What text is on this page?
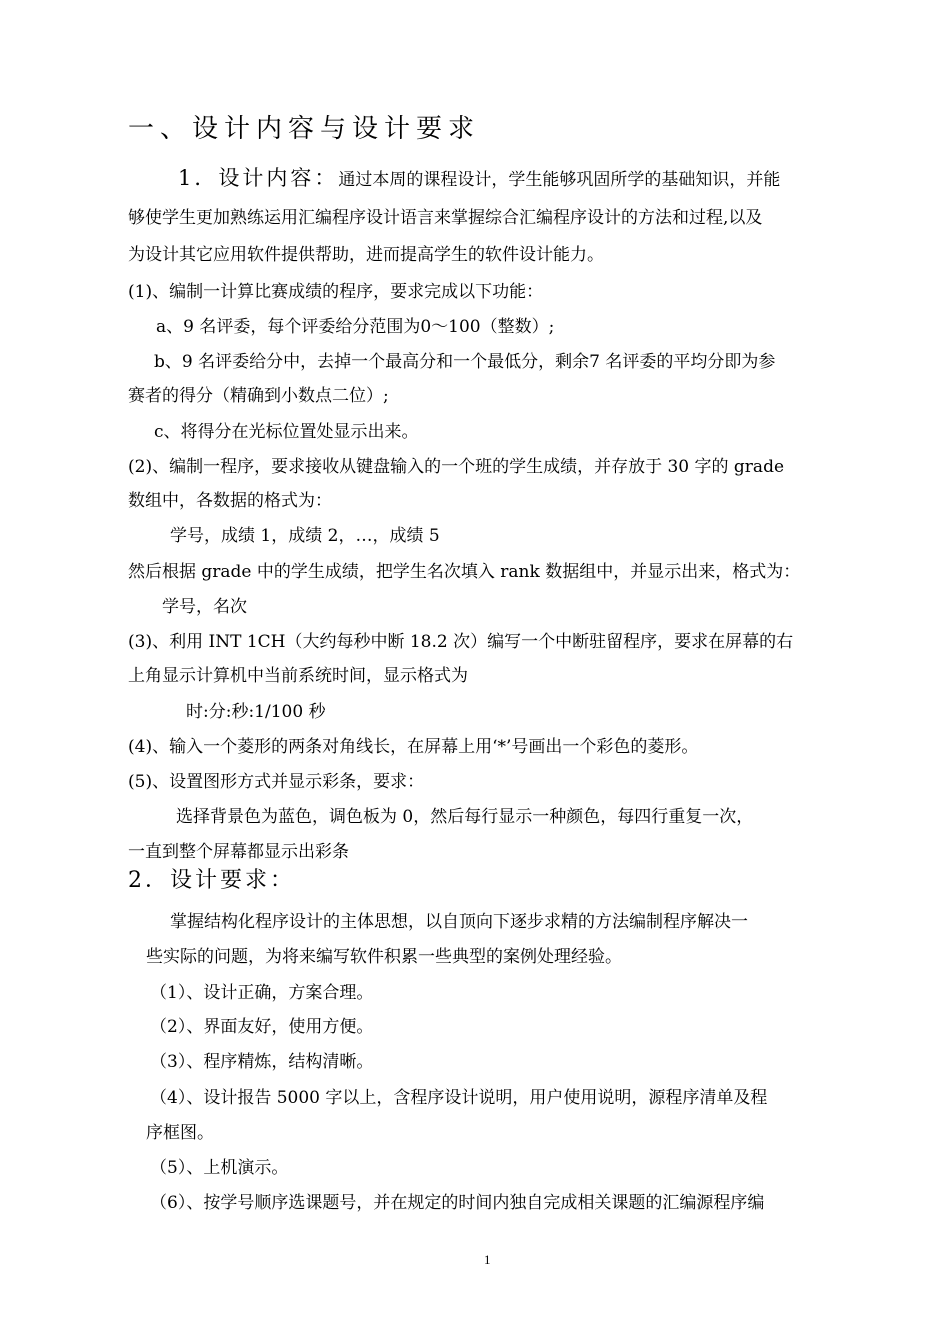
一、设计内容与设计要求
1．设计内容：通过本周的课程设计，学生能够巩固所学的基础知识，并能
够使学生更加熟练运用汇编程序设计语言来掌握综合汇编程序设计的方法和过程,以及
为设计其它应用软件提供帮助，进而提高学生的软件设计能力。
(1)、编制一计算比赛成绩的程序，要求完成以下功能：
a、9 名评委，每个评委给分范围为0～100（整数）;
b、9 名评委给分中，去掉一个最高分和一个最低分，剩余7 名评委的平均分即为参
赛者的得分（精确到小数点二位）;
c、将得分在光标位置处显示出来。
(2)、编制一程序，要求接收从键盘输入的一个班的学生成绩，并存放于 30 字的 grade
数组中，各数据的格式为：
学号，成绩 1，成绩 2，…，成绩 5
然后根据 grade 中的学生成绩，把学生名次填入 rank 数据组中，并显示出来，格式为：
学号，名次
(3)、利用 INT 1CH（大约每秒中断 18.2 次）编写一个中断驻留程序，要求在屏幕的右
上角显示计算机中当前系统时间，显示格式为
时:分:秒:1/100 秒
(4)、输入一个菱形的两条对角线长，在屏幕上用‘*’号画出一个彩色的菱形。
(5)、设置图形方式并显示彩条，要求：
选择背景色为蓝色，调色板为 0，然后每行显示一种颜色，每四行重复一次，
一直到整个屏幕都显示出彩条
2．设计要求：
掌握结构化程序设计的主体思想，以自顶向下逐步求精的方法编制程序解决一
些实际的问题，为将来编写软件积累一些典型的案例处理经验。
（1）、设计正确，方案合理。
（2）、界面友好，使用方便。
（3）、程序精炼，结构清晰。
（4）、设计报告 5000 字以上，含程序设计说明，用户使用说明，源程序清单及程
序框图。
（5）、上机演示。
（6）、按学号顺序选课题号，并在规定的时间内独自完成相关课题的汇编源程序编
1
